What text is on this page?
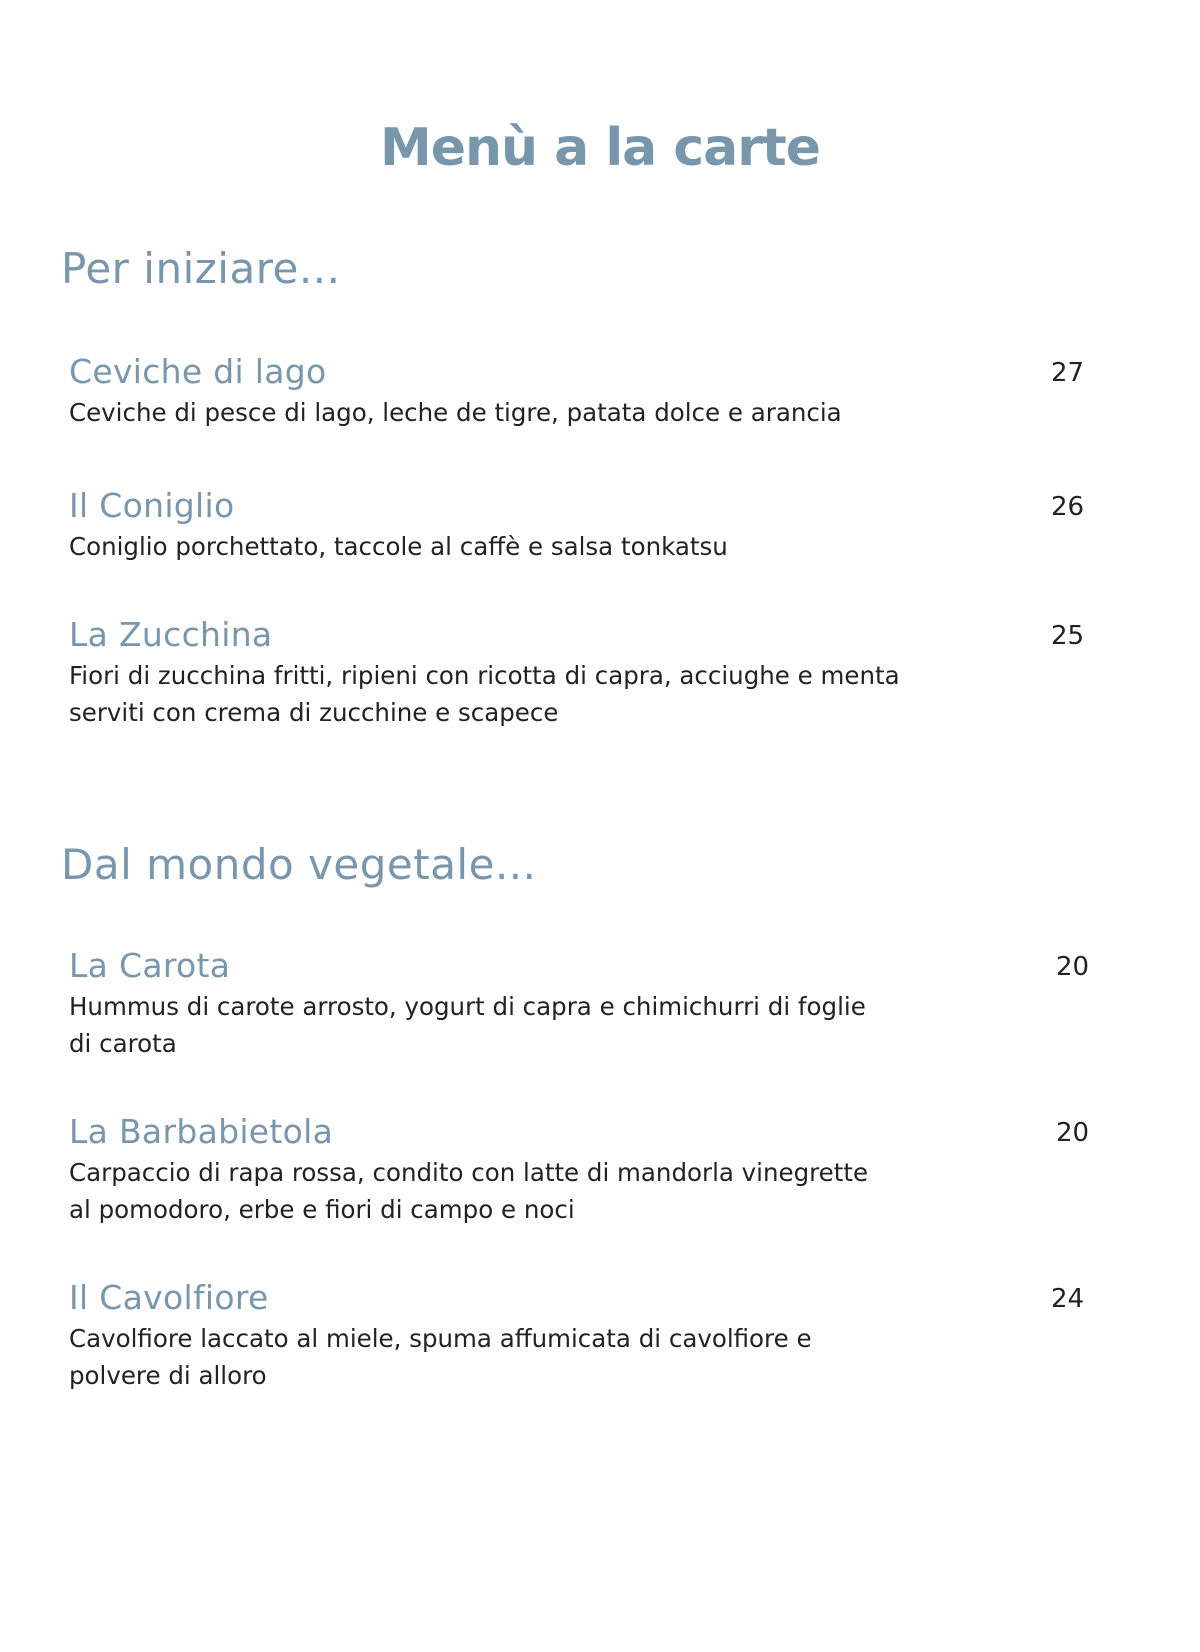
Menù a la carte
Per iniziare...
Ceviche di lago	27
Ceviche di pesce di lago, leche de tigre, patata dolce e arancia
Il Coniglio	26
Coniglio porchettato, taccole al caffè e salsa tonkatsu
La Zucchina	25
Fiori di zucchina fritti, ripieni con ricotta di capra, acciughe e menta
serviti con crema di zucchine e scapece
Dal mondo vegetale...
La Carota	20
Hummus di carote arrosto, yogurt di capra e chimichurri di foglie
di carota
La Barbabietola	20
Carpaccio di rapa rossa, condito con latte di mandorla vinegrette
al pomodoro, erbe e fiori di campo e noci
Il Cavolfiore	24
Cavolfiore laccato al miele, spuma affumicata di cavolfiore e
polvere di alloro
